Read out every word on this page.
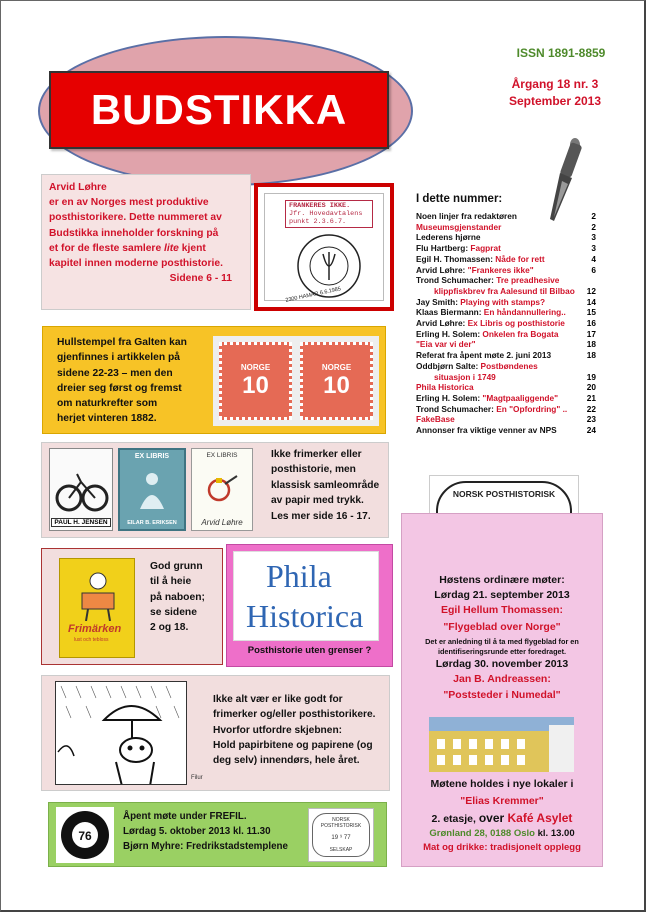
BUDSTIKKA
ISSN 1891-8859
Årgang 18 nr. 3
September 2013
Arvid Løhre
er en av Norges mest produktive
posthistorikere. Dette nummeret av
Budstikka inneholder forskning på
et for de fleste samlere lite kjent
kapitel innen moderne posthistorie.
Sidene 6 - 11
FRANKERES IKKE.
Jfr. Hovedavtalens
punkt 2.3.6.7.
2300 HAMAR 6.6.1985
Hullstempel fra Galten kan
gjenfinnes i artikkelen på
sidene 22-23 – men den
dreier seg først og fremst
om naturkrefter som
herjet vinteren 1882.
NORGE
10
NORGE
10
PAUL H. JENSEN
EX LIBRIS
EILAR B. ERIKSEN
EX LIBRIS
Arvid Løhre
Ikke frimerker eller
posthistorie, men
klassisk samleområde
av papir med trykk.
Les mer side 16 - 17.
Frimärken
lust och tebloss
God grunn
til å heie
på naboen;
se sidene
2 og 18.
Phila
Historica
Posthistorie uten grenser ?
Filur
Ikke alt vær er like godt for
frimerker og/eller posthistorikere.
Hvorfor utfordre skjebnen:
Hold papirbitene og papirene (og
deg selv) innendørs, hele året.
76
Åpent møte under FREFIL.
Lørdag 5. oktober 2013 kl. 11.30
Bjørn Myhre: Fredrikstadstemplene
NORSK POSTHISTORISK
19 ⁹ 77
SELSKAP
I dette nummer:
Noen linjer fra redaktøren	2
Museumsgjenstander	2
Lederens hjørne	3
Flu Hartberg: Fagprat	3
Egil H. Thomassen: Nåde for rett	4
Arvid Løhre: "Frankeres ikke"	6
Trond Schumacher: Tre preadhesive
klippfiskbrev fra Aalesund til Bilbao	12
Jay Smith: Playing with stamps?	14
Klaas Biermann: En håndannullering..	15
Arvid Løhre: Ex Libris og posthistorie	16
Erling H. Solem: Onkelen fra Bogata	17
"Eia var vi der"	18
Referat fra åpent møte 2. juni 2013	18
Oddbjørn Salte: Postbøndenes
situasjon i 1749	19
Phila Historica	20
Erling H. Solem: "Magtpaaliggende"	21
Trond Schumacher: En "Opfordring" ..	22
FakeBase	23
Annonser fra viktige venner av NPS	24
NORSK POSTHISTORISK
Høstens ordinære møter:
Lørdag 21. september 2013
Egil Hellum Thomassen:
"Flygeblad over Norge"
Det er anledning til å ta med flygeblad for en
identifiseringsrunde etter foredraget.
Lørdag 30. november 2013
Jan B. Andreassen:
"Poststeder i Numedal"
Møtene holdes i nye lokaler i
"Elias Kremmer"
2. etasje, over Kafé Asylet
Grønland 28, 0188 Oslo kl. 13.00
Mat og drikke: tradisjonelt opplegg
